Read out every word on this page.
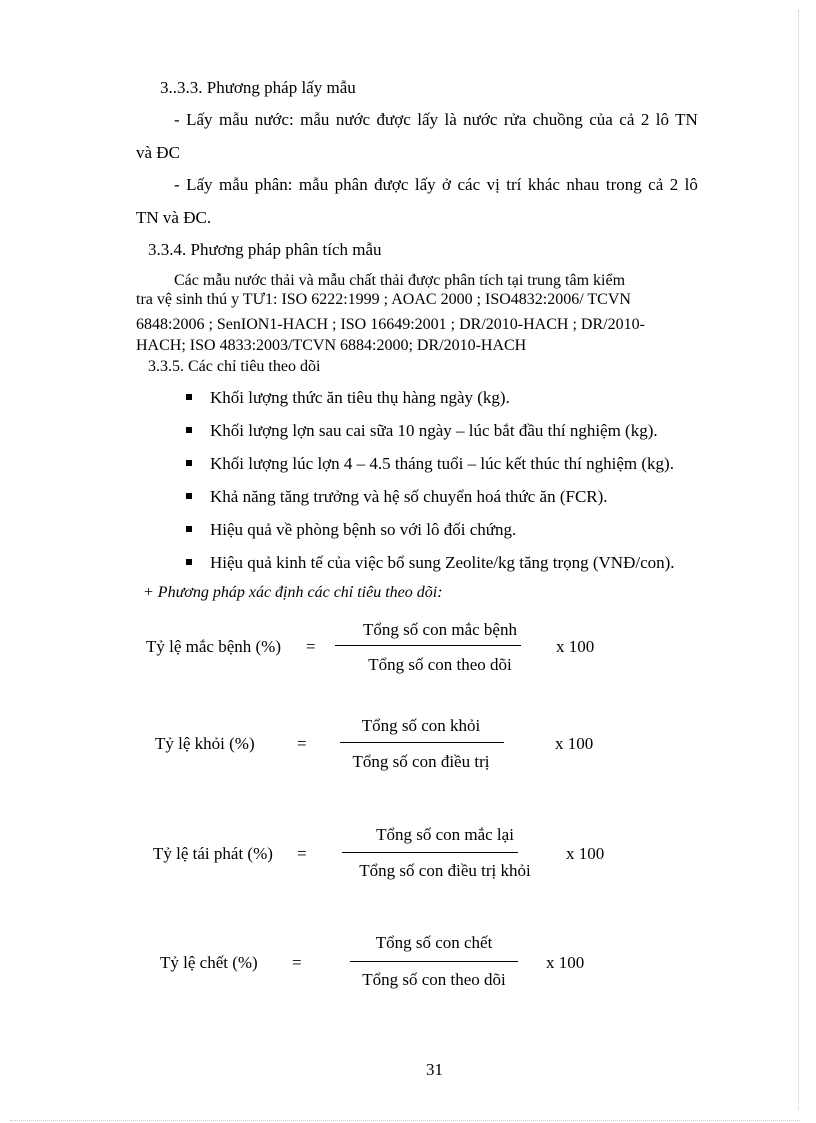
3..3.3. Phương pháp lấy mẫu
- Lấy mẫu nước: mẫu nước được lấy là nước rửa chuồng của cả 2 lô TN
và ĐC
- Lấy mẫu phân: mẫu phân được lấy ở các vị trí khác nhau trong cả 2 lô
TN và ĐC.
3.3.4. Phương pháp phân tích mẫu
Các mẫu nước thải và mẫu chất thải được phân tích tại trung tâm kiểm
tra vệ sinh thú y TƯ1: ISO 6222:1999 ; AOAC 2000 ; ISO4832:2006/ TCVN
6848:2006 ; SenION1-HACH ; ISO 16649:2001 ; DR/2010-HACH ; DR/2010-
HACH; ISO 4833:2003/TCVN 6884:2000; DR/2010-HACH
3.3.5. Các chỉ tiêu theo dõi
Khối lượng thức ăn tiêu thụ hàng ngày (kg).
Khối lượng lợn sau cai sữa 10 ngày – lúc bắt đầu thí nghiệm (kg).
Khối lượng lúc lợn 4 – 4.5 tháng tuổi – lúc kết thúc thí nghiệm (kg).
Khả năng tăng trưởng và hệ số chuyển hoá thức ăn (FCR).
Hiệu quả về phòng bệnh so với lô đối chứng.
Hiệu quả kinh tế của việc bổ sung Zeolite/kg tăng trọng (VNĐ/con).
+ Phương pháp xác định các chỉ tiêu theo dõi:
Tỷ lệ mắc bệnh (%) =
Tổng số con mắc bệnh
Tổng số con theo dõi
x 100
Tỷ lệ khỏi (%) =
Tổng số con khỏi
Tổng số con điều trị
x 100
Tỷ lệ tái phát (%) =
Tổng số con mắc lại
Tổng số con điều trị khỏi
x 100
Tỷ lệ chết (%) =
Tổng số con chết
Tổng số con theo dõi
x 100
31
